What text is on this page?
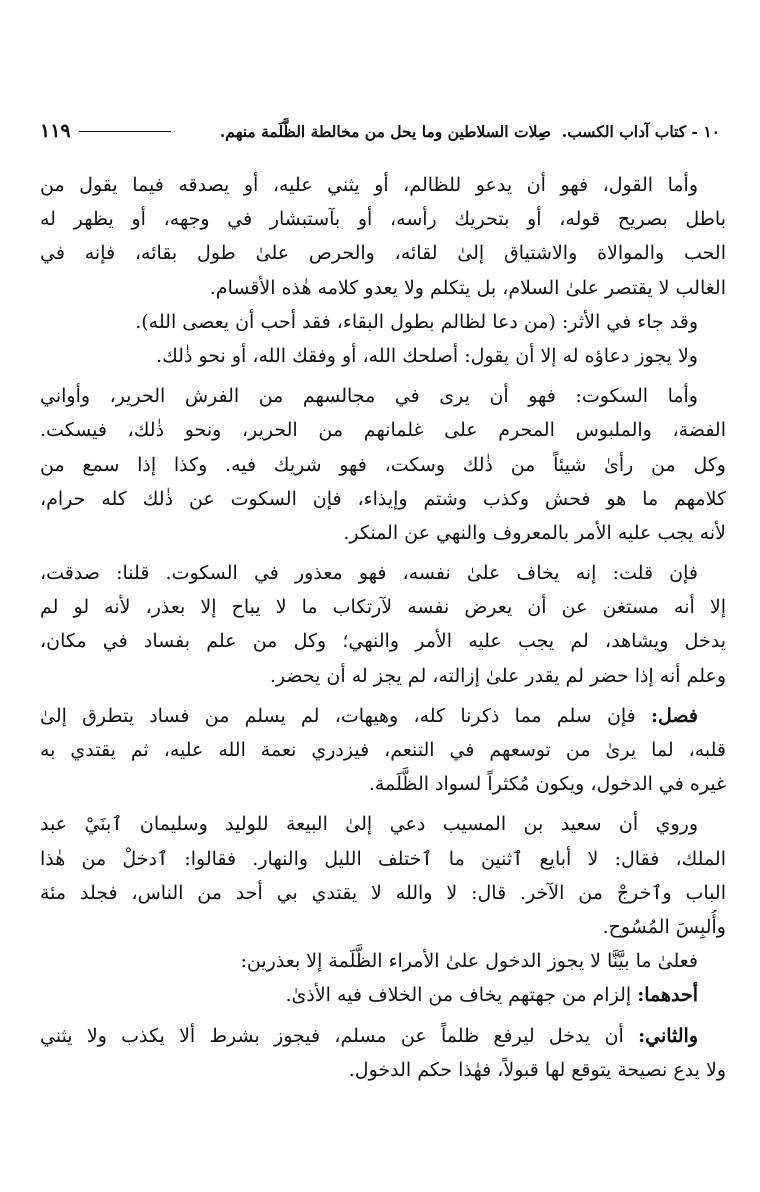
١٠
-
كتاب آداب الكسب
.
صِلات السلاطين وما يحل من مخالطة الظَّلَمة منهم
.
١١٩
وأما القول، فهو أن يدعو للظالم، أو يثني عليه، أو يصدقه فيما يقول من
باطل بصريح قوله، أو بتحريك رأسه، أو بآستبشار في وجهه، أو يظهر له
الحب والموالاة والاشتياق إلىٰ لقائه، والحرص علىٰ طول بقائه، فإنه في
الغالب لا يقتصر علىٰ السلام، بل يتكلم ولا يعدو كلامه هٰذه الأقسام.
وقد جاء في الأثر: (من دعا لظالم بطول البقاء، فقد أحب أن يعصى الله).
ولا يجوز دعاؤه له إلا أن يقول: أصلحك الله، أو وفقك الله، أو نحو ذٰلك.
وأما السكوت: فهو أن يرى في مجالسهم من الفرش الحرير، وأواني
الفضة، والملبوس المحرم على غلمانهم من الحرير، ونحو ذٰلك، فيسكت.
وكل من رأىٰ شيئاً من ذٰلك وسكت، فهو شريك فيه. وكذا إذا سمع من
كلامهم ما هو فحش وكذب وشتم وإيذاء، فإن السكوت عن ذٰلك كله حرام،
لأنه يجب عليه الأمر بالمعروف والنهي عن المنكر.
فإن قلت: إنه يخاف علىٰ نفسه، فهو معذور في السكوت. قلنا: صدقت،
إلا أنه مستغن عن أن يعرض نفسه لآرتكاب ما لا يباح إلا بعذر، لأنه لو لم
يدخل ويشاهد، لم يجب عليه الأمر والنهي؛ وكل من علم بفساد في مكان،
وعلم أنه إذا حضر لم يقدر علىٰ إزالته، لم يجز له أن يحضر.
فصل: فإن سلم مما ذكرنا كله، وهيهات، لم يسلم من فساد يتطرق إلىٰ
قلبه، لما يرىٰ من توسعهم في التنعم، فيزدري نعمة الله عليه، ثم يقتدي به
غيره في الدخول، ويكون مُكثراً لسواد الظَّلَمة.
وروي أن سعيد بن المسيب دعي إلىٰ البيعة للوليد وسليمان ٱبنَيْ عبد
الملك، فقال: لا أبايع ٱثنين ما ٱختلف الليل والنهار. فقالوا: ٱدخلْ من هٰذا
الباب وٱخرجْ من الآخر. قال: لا والله لا يقتدي بي أحد من الناس، فجلد مئة
وأُلبِسَ المُسُوح.
فعلىٰ ما بيَّنَّا لا يجوز الدخول علىٰ الأمراء الظَّلَمة إلا بعذرين:
أحدهما: إلزام من جهتهم يخاف من الخلاف فيه الأذىٰ.
والثاني: أن يدخل ليرفع ظلماً عن مسلم، فيجوز بشرط ألا يكذب ولا يثني
ولا يدع نصيحة يتوقع لها قبولاً، فهٰذا حكم الدخول.
